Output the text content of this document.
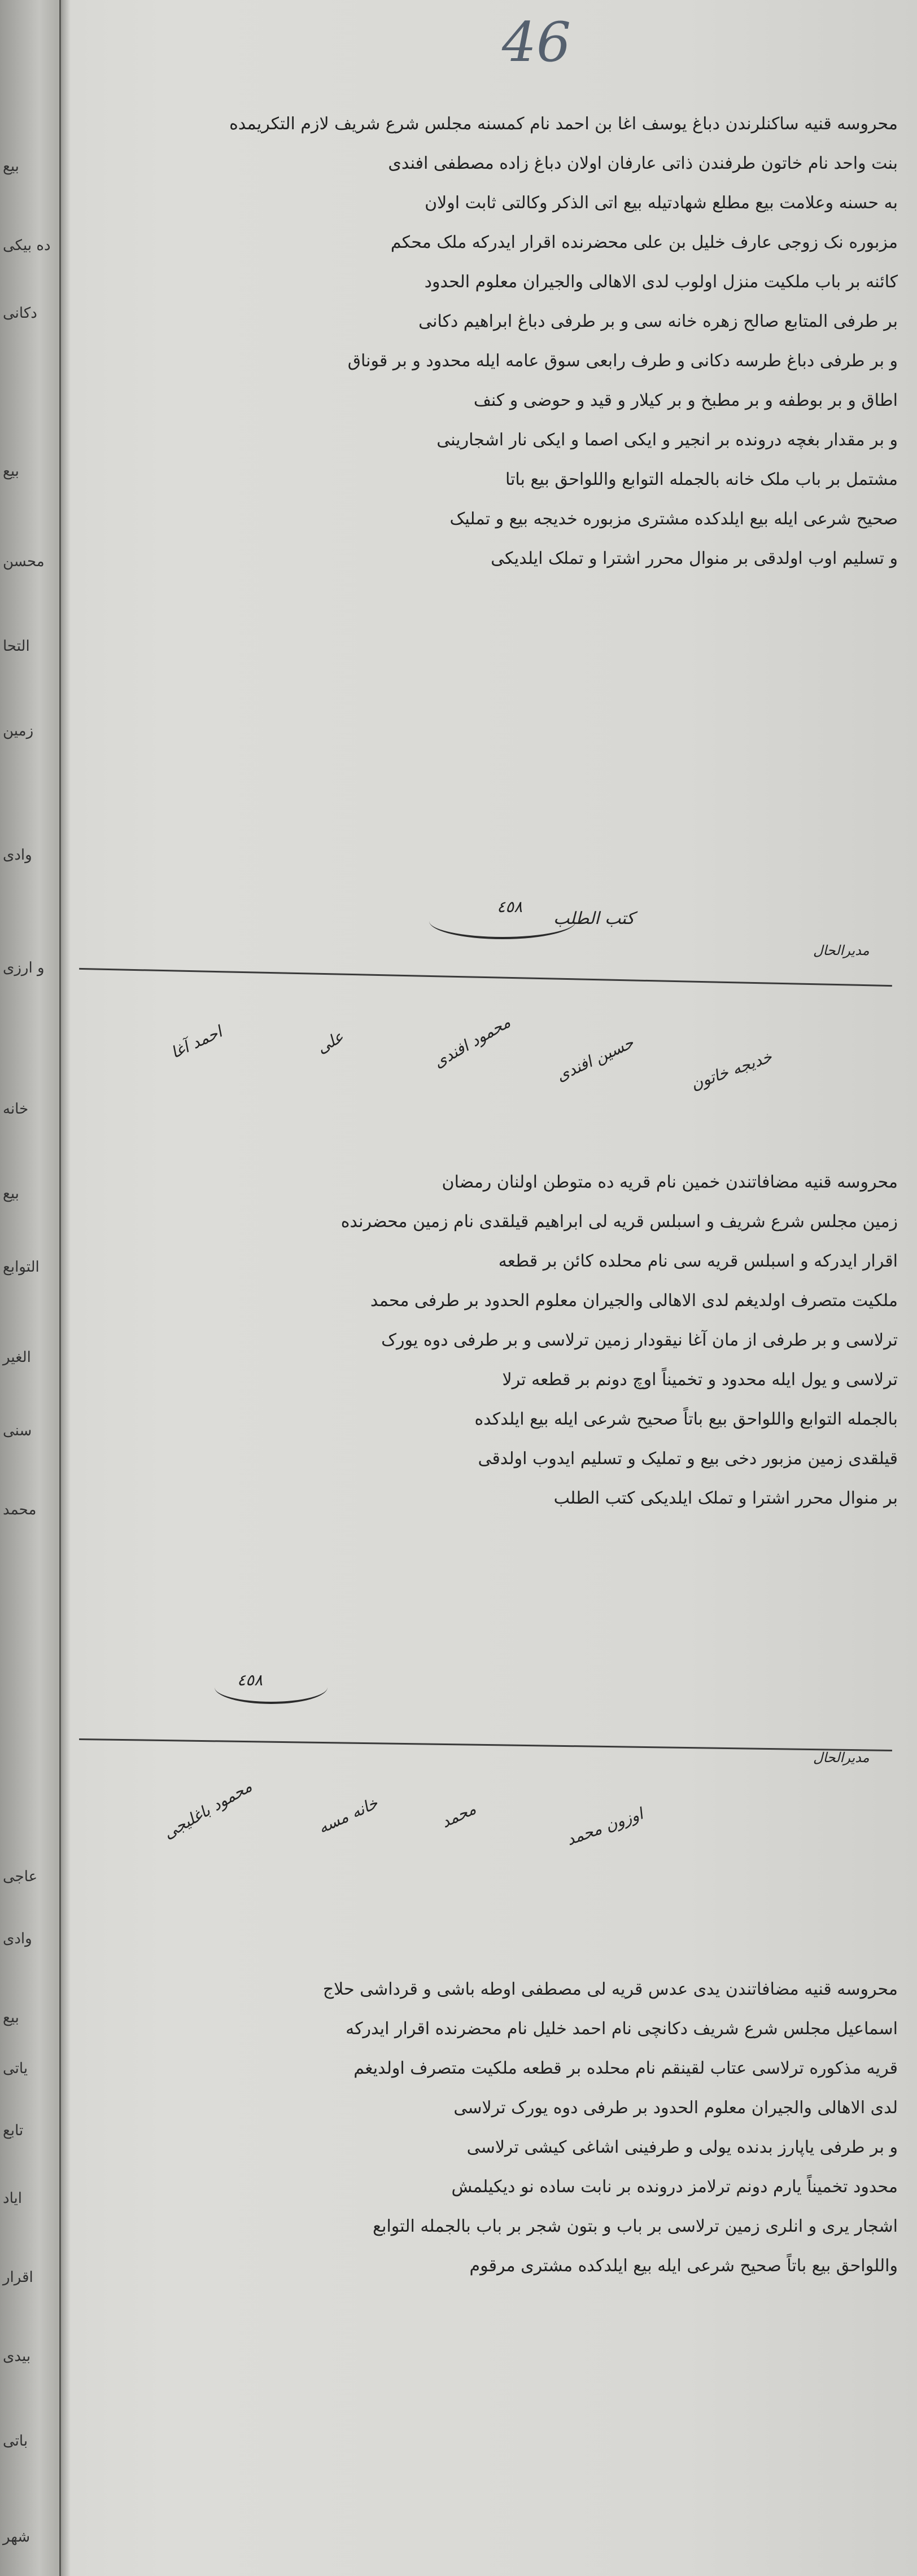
بیع
ده بیکی
دکانی
بیع
محسن
التحا
زمین
وادی
و ارزی
خانه
بیع
التوابع
الغیر
سنی
محمد
عاجی
وادی
بیع
یاتی
تابع
ایاد
اقرار
بیدی
باتی
شهر
46
محروسه قنیه ساکنلرندن دباغ یوسف اغا بن احمد نام کمسنه مجلس شرع شریف لازم التکریمده
بنت واحد نام خاتون طرفندن ذاتی عارفان اولان دباغ زاده مصطفی افندی
به حسنه وعلامت بیع مطلع شهادتیله بیع اتی الذکر وکالتی ثابت اولان
مزبوره نک زوجی عارف خلیل بن علی محضرنده اقرار ایدرکه ملک محکم
کائنه بر باب ملکیت منزل اولوب لدی الاهالی والجیران معلوم الحدود
بر طرفی المتابع صالح زهره خانه سی و بر طرفی دباغ ابراهیم دکانی
و بر طرفی دباغ طرسه دکانی و طرف رابعی سوق عامه ایله محدود و بر قوناق
اطاق و بر بوطفه و بر مطبخ و بر کیلار و قید و حوضی و کنف
و بر مقدار بغچه درونده بر انجیر و ایکی اصما و ایکی نار اشجارینی
مشتمل بر باب ملک خانه بالجمله التوابع واللواحق بیع باتا
صحیح شرعی ایله بیع ایلدکده مشتری مزبوره خدیجه بیع و تملیک
و تسلیم اوب اولدقی بر منوال محرر اشترا و تملک ایلدیکی
کتب الطلب
٤٥٨
مدیرالحال
خدیجه خاتون
حسین افندی
محمود افندی
علی
احمد آغا
محروسه قنیه مضافاتندن خمین نام قریه ده متوطن اولنان رمضان
زمین مجلس شرع شریف و اسبلس قریه لی ابراهیم قیلقدی نام زمین محضرنده
اقرار ایدرکه و اسبلس قریه سی نام محلده کائن بر قطعه
ملکیت متصرف اولدیغم لدی الاهالی والجیران معلوم الحدود بر طرفی محمد
ترلاسی و بر طرفی از مان آغا نیقودار زمین ترلاسی و بر طرفی دوه یورک
ترلاسی و یول ایله محدود و تخمیناً اوچ دونم بر قطعه ترلا
بالجمله التوابع واللواحق بیع باتاً صحیح شرعی ایله بیع ایلدکده
قیلقدی زمین مزبور دخی بیع و تملیک و تسلیم ایدوب اولدقی
بر منوال محرر اشترا و تملک ایلدیکی کتب الطلب
٤٥٨
مدیرالحال
اوزون محمد
محمد
خانه مسه
محمود باغلیجی
محروسه قنیه مضافاتندن یدی عدس قریه لی مصطفی اوطه باشی و قرداشی حلاج
اسماعیل مجلس شرع شریف دکانچی نام احمد خلیل نام محضرنده اقرار ایدرکه
قریه مذکوره ترلاسی عتاب لقینقم نام محلده بر قطعه ملکیت متصرف اولدیغم
لدی الاهالی والجیران معلوم الحدود بر طرفی دوه یورک ترلاسی
و بر طرفی یاپارز بدنده یولی و طرفینی اشاغی کیشی ترلاسی
محدود تخمیناً یارم دونم ترلامز درونده بر نابت ساده نو دیکیلمش
اشجار یری و انلری زمین ترلاسی بر باب و بتون شجر بر باب بالجمله التوابع
واللواحق بیع باتاً صحیح شرعی ایله بیع ایلدکده مشتری مرقوم
